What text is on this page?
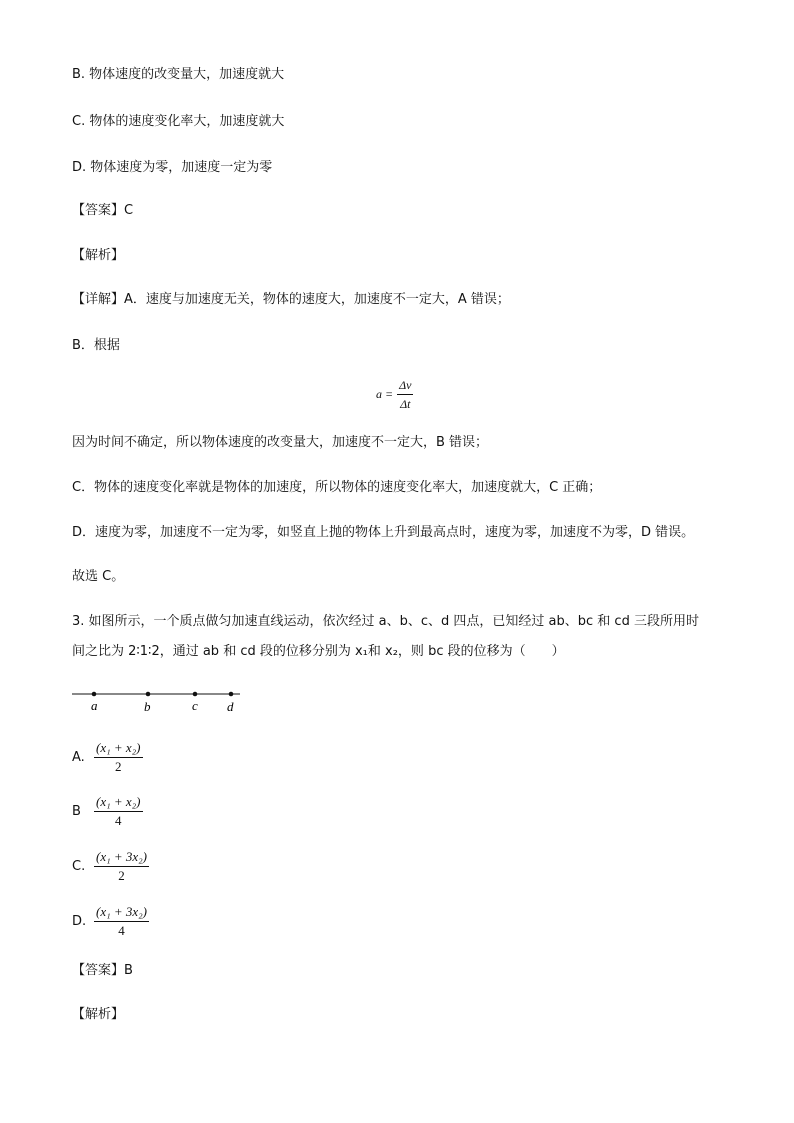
B. 物体速度的改变量大，加速度就大
C. 物体的速度变化率大，加速度就大
D. 物体速度为零，加速度一定为零
【答案】C
【解析】
【详解】A．速度与加速度无关，物体的速度大，加速度不一定大，A 错误；
B．根据
$a = \frac{\Delta v}{\Delta t}$
因为时间不确定，所以物体速度的改变量大，加速度不一定大，B 错误；
C．物体的速度变化率就是物体的加速度，所以物体的速度变化率大，加速度就大，C 正确；
D．速度为零，加速度不一定为零，如竖直上抛的物体上升到最高点时，速度为零，加速度不为零，D 错误。
故选 C。
3. 如图所示，一个质点做匀加速直线运动，依次经过 a、b、c、d 四点，已知经过 ab、bc 和 cd 三段所用时
间之比为 2∶1∶2，通过 ab 和 cd 段的位移分别为 x₁和 x₂，则 bc 段的位移为（　　）
a	b	c d
A. $\frac{\text{(x₁ + x₂)}}{2}$
B	$\frac{\text{(x₁ + x₂)}}{4}$
C. $\frac{\text{(x₁ + 3x₂)}}{2}$
D. $\frac{\text{(x₁ + 3x₂)}}{4}$
【答案】B
【解析】
